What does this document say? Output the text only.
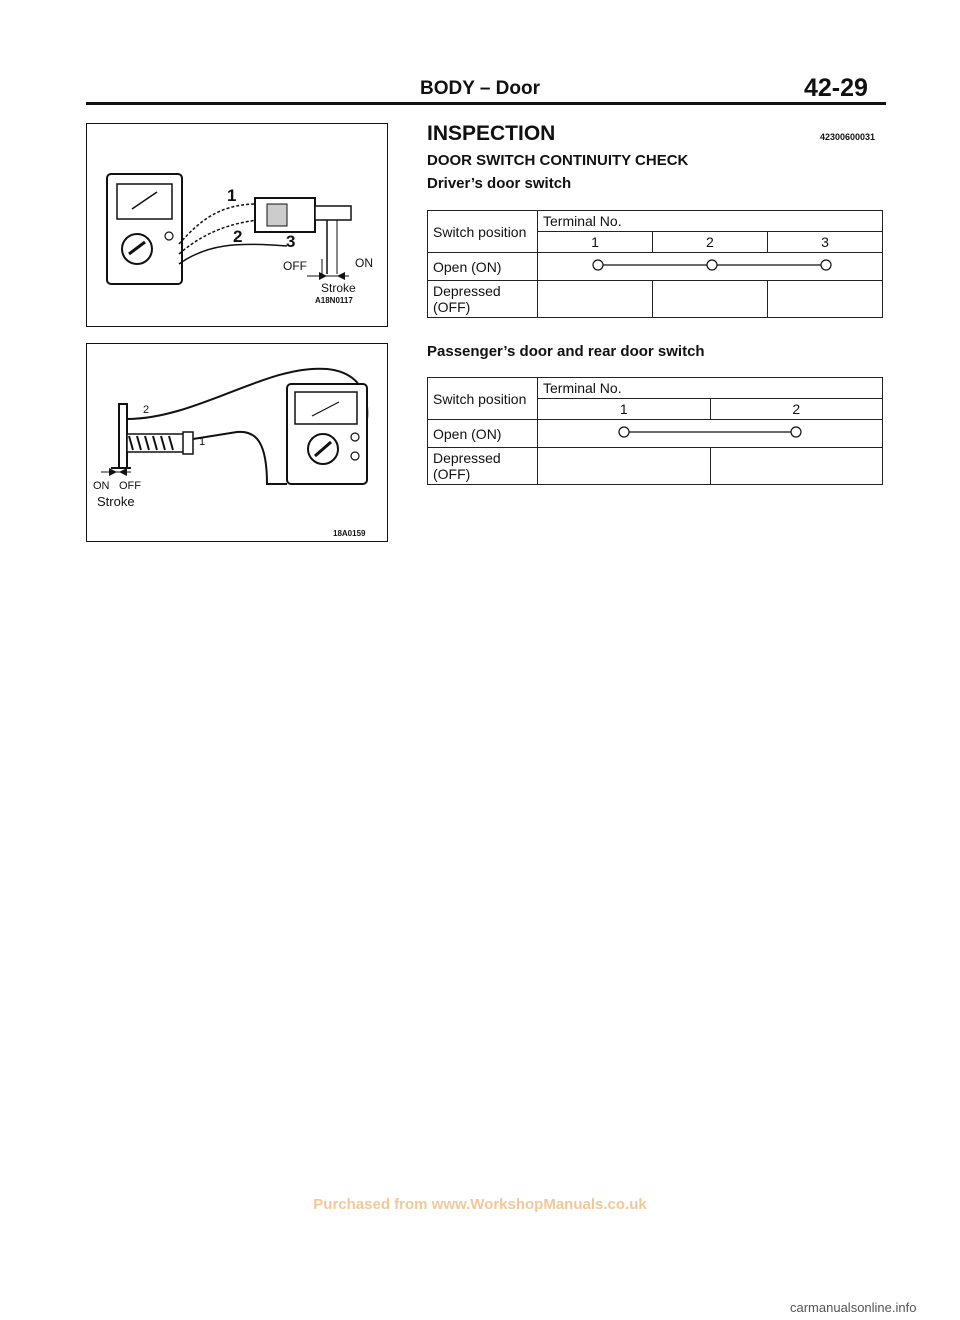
BODY – Door	42-29
1
2	3
OFF	ON
Stroke
A18N0117
2
1
ON OFF
Stroke
18A0159
INSPECTION	42300600031
DOOR SWITCH CONTINUITY CHECK
Driver’s door switch
Switch position	Terminal No.		
	1	2	3
Open (ON)	
Depressed (OFF)			
Passenger’s door and rear door switch
Switch position	Terminal No.	
	1	2
Open (ON)	
Depressed (OFF)		
Purchased from www.WorkshopManuals.co.uk
carmanualsonline.info
